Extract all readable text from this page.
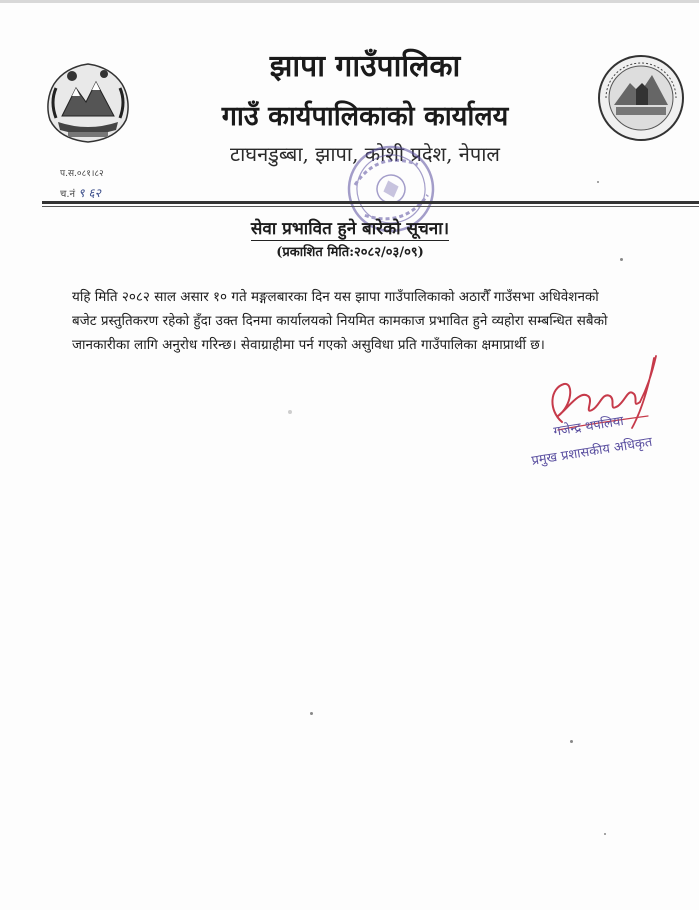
झापा गाउँपालिका
गाउँ कार्यपालिकाको कार्यालय
टाघनडुब्बा, झापा, कोशी प्रदेश, नेपाल
प.स.०८१।८२
च.नं ९ ६२
सेवा प्रभावित हुने बारेको सूचना।
(प्रकाशित मिति:२०८२/०३/०९)
यहि मिति २०८२ साल असार १० गते मङ्गलबारका दिन यस झापा गाउँपालिकाको अठारौँ गाउँसभा अधिवेशनको
बजेट प्रस्तुतिकरण रहेको हुँदा उक्त दिनमा कार्यालयको नियमित कामकाज प्रभावित हुने व्यहोरा सम्बन्धित सबैको
जानकारीका लागि अनुरोध गरिन्छ। सेवाग्राहीमा पर्न गएको असुविधा प्रति गाउँपालिका क्षमाप्रार्थी छ।
गजेन्द्र थपलिया
प्रमुख प्रशासकीय अधिकृत
